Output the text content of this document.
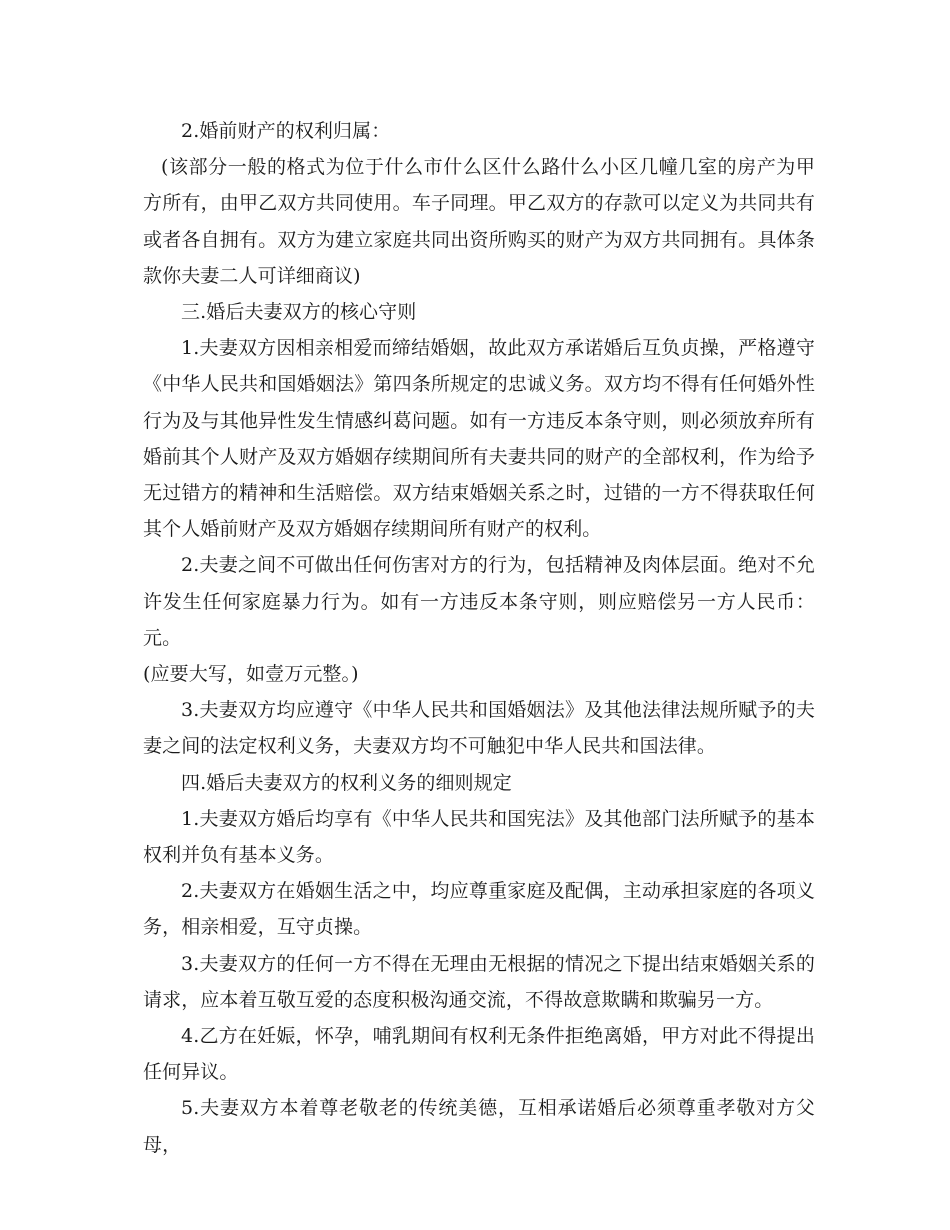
2.婚前财产的权利归属：

(该部分一般的格式为位于什么市什么区什么路什么小区几幢几室的房产为甲方所有，由甲乙双方共同使用。车子同理。甲乙双方的存款可以定义为共同共有或者各自拥有。双方为建立家庭共同出资所购买的财产为双方共同拥有。具体条款你夫妻二人可详细商议)

三.婚后夫妻双方的核心守则

1.夫妻双方因相亲相爱而缔结婚姻，故此双方承诺婚后互负贞操，严格遵守《中华人民共和国婚姻法》第四条所规定的忠诚义务。双方均不得有任何婚外性行为及与其他异性发生情感纠葛问题。如有一方违反本条守则，则必须放弃所有婚前其个人财产及双方婚姻存续期间所有夫妻共同的财产的全部权利，作为给予无过错方的精神和生活赔偿。双方结束婚姻关系之时，过错的一方不得获取任何其个人婚前财产及双方婚姻存续期间所有财产的权利。

2.夫妻之间不可做出任何伤害对方的行为，包括精神及肉体层面。绝对不允许发生任何家庭暴力行为。如有一方违反本条守则，则应赔偿另一方人民币：元。

(应要大写，如壹万元整。)

3.夫妻双方均应遵守《中华人民共和国婚姻法》及其他法律法规所赋予的夫妻之间的法定权利义务，夫妻双方均不可触犯中华人民共和国法律。

四.婚后夫妻双方的权利义务的细则规定

1.夫妻双方婚后均享有《中华人民共和国宪法》及其他部门法所赋予的基本权利并负有基本义务。

2.夫妻双方在婚姻生活之中，均应尊重家庭及配偶，主动承担家庭的各项义务，相亲相爱，互守贞操。

3.夫妻双方的任何一方不得在无理由无根据的情况之下提出结束婚姻关系的请求，应本着互敬互爱的态度积极沟通交流，不得故意欺瞒和欺骗另一方。

4.乙方在妊娠，怀孕，哺乳期间有权利无条件拒绝离婚，甲方对此不得提出任何异议。

5.夫妻双方本着尊老敬老的传统美德，互相承诺婚后必须尊重孝敬对方父母，
